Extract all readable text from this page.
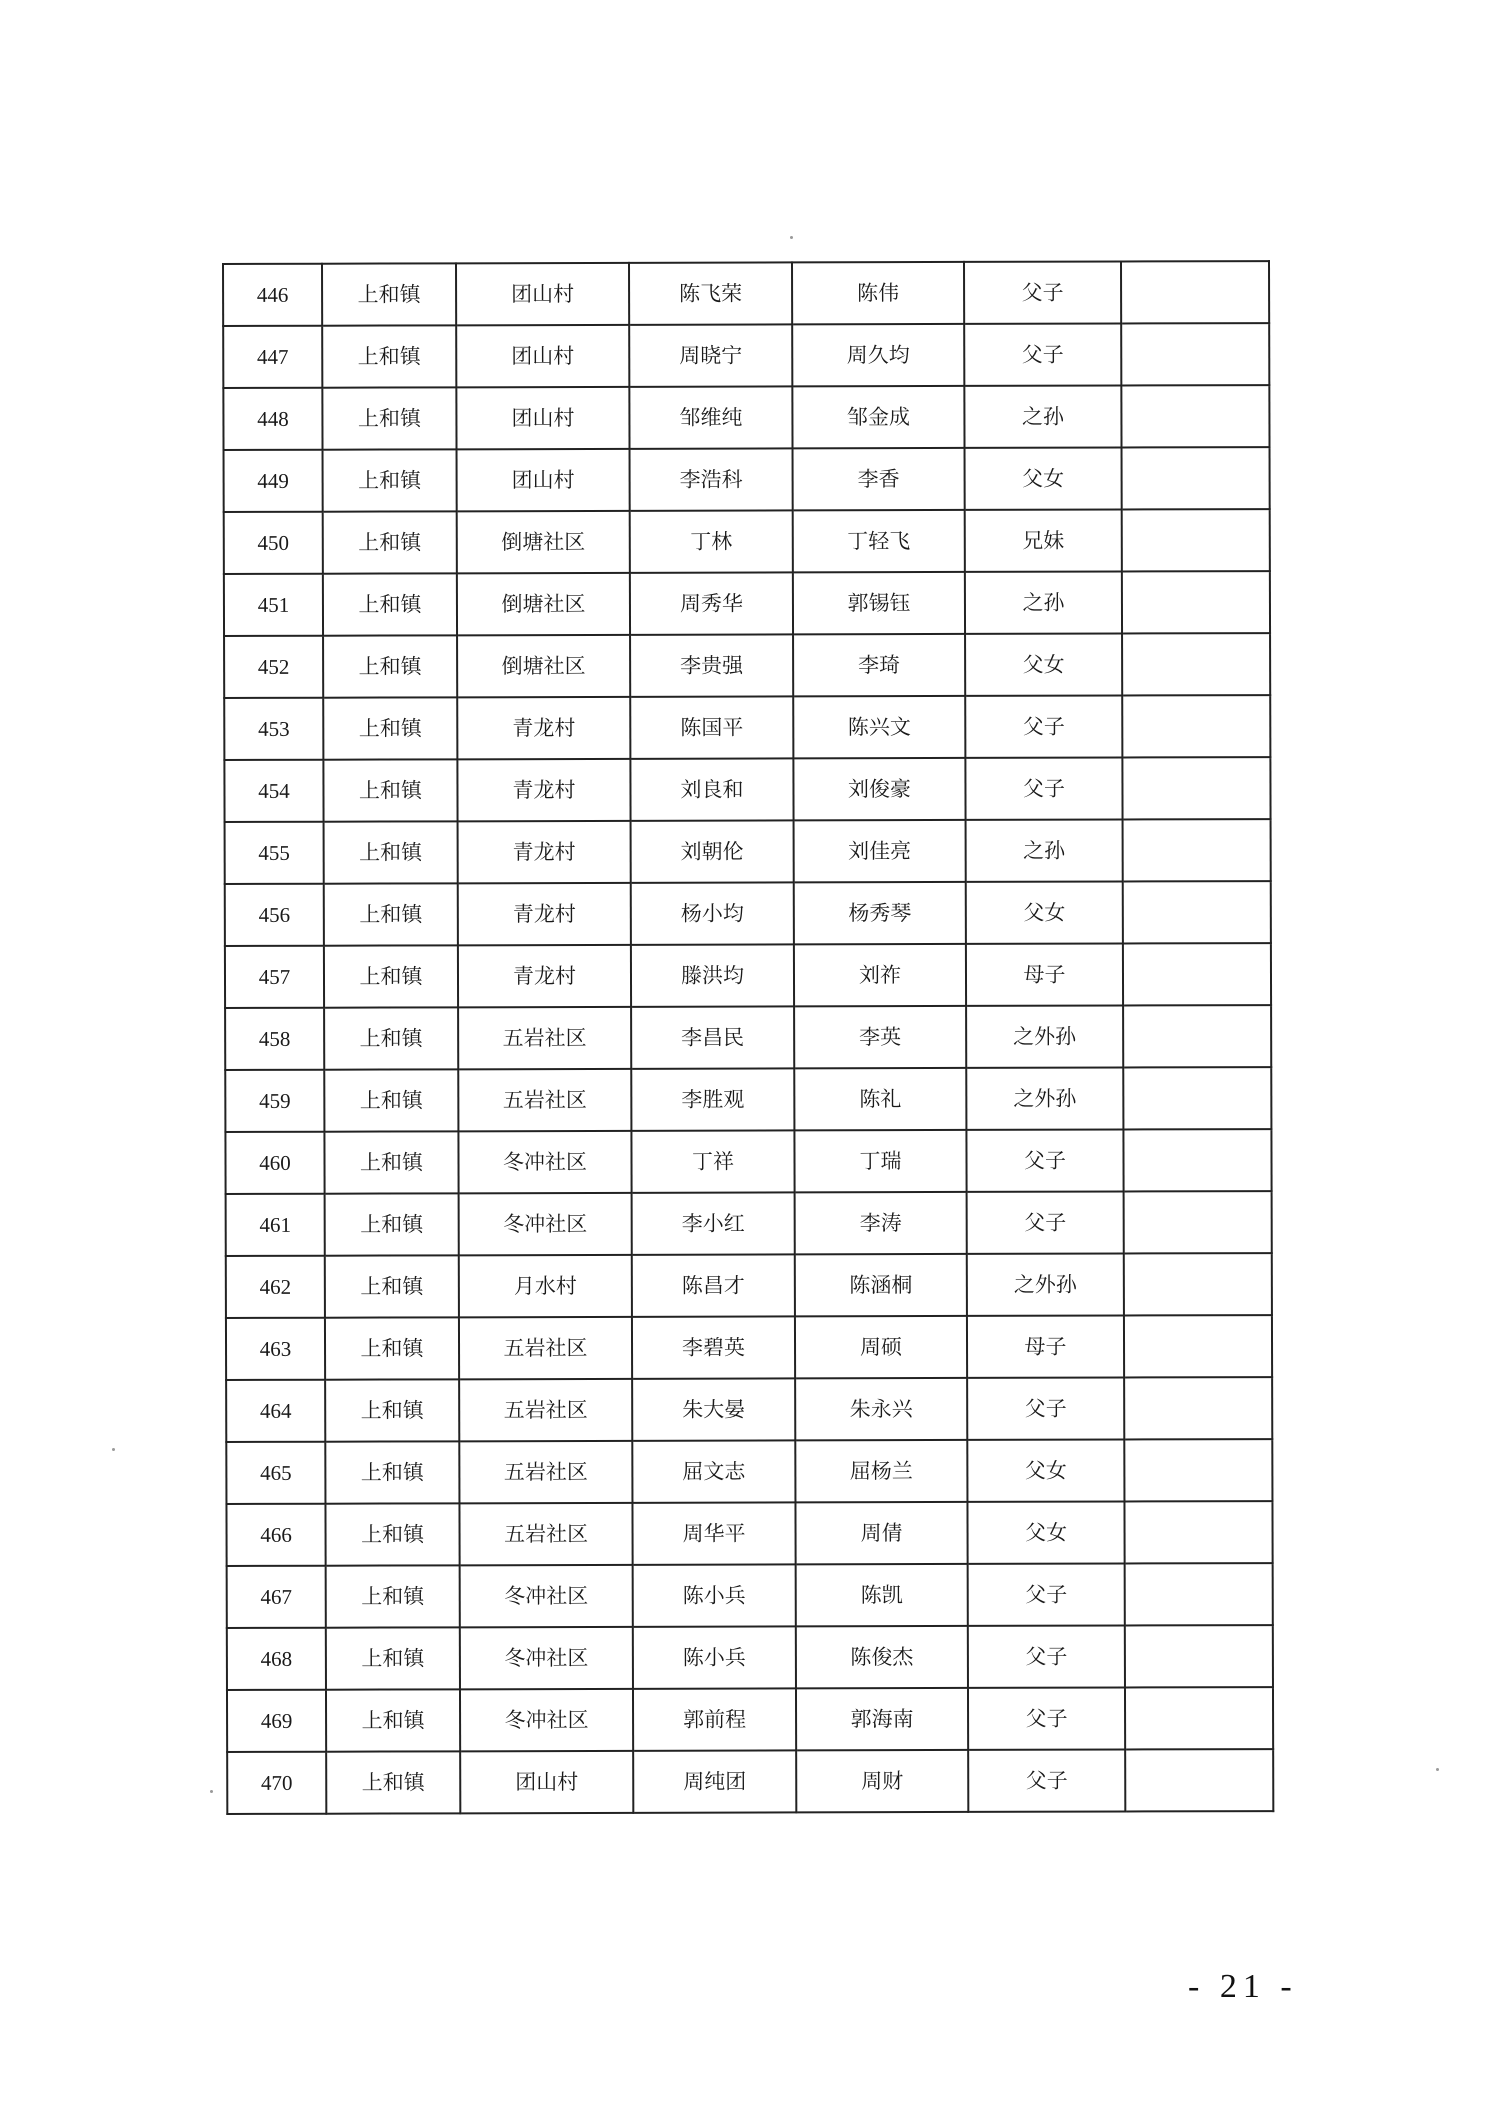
446	上和镇	团山村	陈飞荣	陈伟	父子	
447	上和镇	团山村	周晓宁	周久均	父子	
448	上和镇	团山村	邹维纯	邹金成	之孙	
449	上和镇	团山村	李浩科	李香	父女	
450	上和镇	倒塘社区	丁林	丁轻飞	兄妹	
451	上和镇	倒塘社区	周秀华	郭锡钰	之孙	
452	上和镇	倒塘社区	李贵强	李琦	父女	
453	上和镇	青龙村	陈国平	陈兴文	父子	
454	上和镇	青龙村	刘良和	刘俊豪	父子	
455	上和镇	青龙村	刘朝伦	刘佳亮	之孙	
456	上和镇	青龙村	杨小均	杨秀琴	父女	
457	上和镇	青龙村	滕洪均	刘祚	母子	
458	上和镇	五岩社区	李昌民	李英	之外孙	
459	上和镇	五岩社区	李胜观	陈礼	之外孙	
460	上和镇	冬冲社区	丁祥	丁瑞	父子	
461	上和镇	冬冲社区	李小红	李涛	父子	
462	上和镇	月水村	陈昌才	陈涵桐	之外孙	
463	上和镇	五岩社区	李碧英	周硕	母子	
464	上和镇	五岩社区	朱大晏	朱永兴	父子	
465	上和镇	五岩社区	屈文志	屈杨兰	父女	
466	上和镇	五岩社区	周华平	周倩	父女	
467	上和镇	冬冲社区	陈小兵	陈凯	父子	
468	上和镇	冬冲社区	陈小兵	陈俊杰	父子	
469	上和镇	冬冲社区	郭前程	郭海南	父子	
470	上和镇	团山村	周纯团	周财	父子	
- 21 -
